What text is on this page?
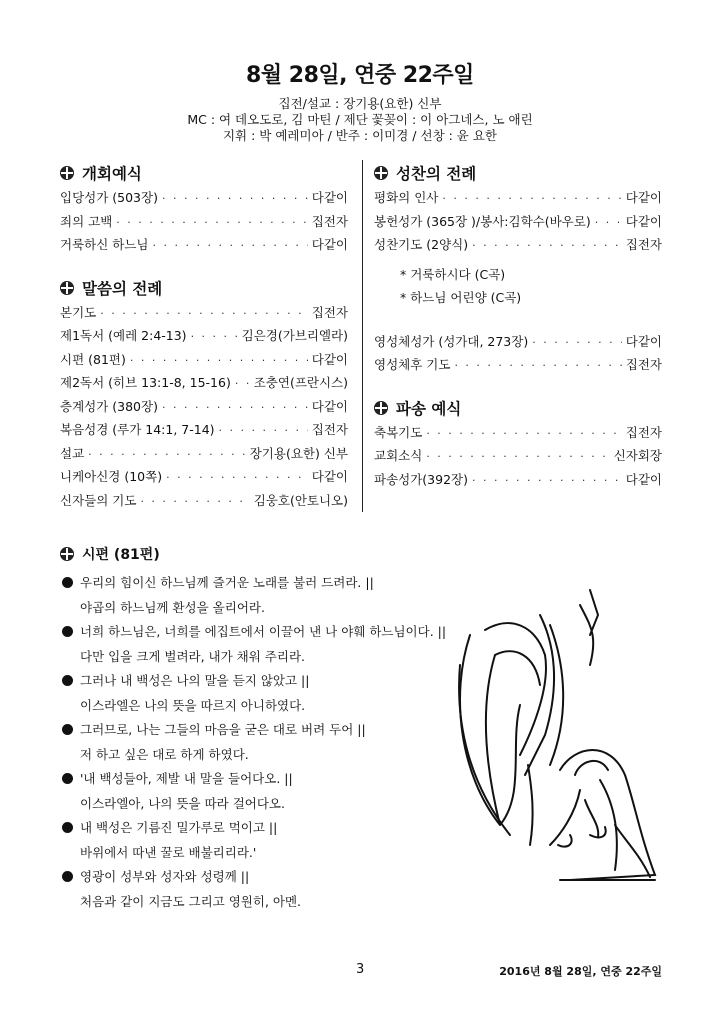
8월 28일, 연중 22주일
집전/설교 : 장기용(요한) 신부
MC : 여 데오도로, 김 마틴 / 제단 꽃꽂이 : 이 아그네스, 노 애린
지휘 : 박 예레미아 / 반주 : 이미경 / 선창 : 윤 요한
개회예식
입당성가 (503장) · · ·	다같이
죄의 고백 · · ·	집전자
거룩하신 하느님 · · ·	다같이
말씀의 전례
본기도 · · ·	집전자
제1독서 (예레 2:4-13) · · ·	김은경(가브리엘라)
시편 (81편) · · ·	다같이
제2독서 (히브 13:1-8, 15-16) · · · 조충연(프란시스)
층계성가 (380장) · · ·	다같이
복음성경 (루가 14:1, 7-14) · · ·	집전자
설교 · · ·	장기용(요한) 신부
니케아신경 (10쪽) · · ·	다같이
신자들의 기도 · · ·	김웅호(안토니오)
성찬의 전례
평화의 인사 · · ·	다같이
봉헌성가 (365장 )/봉사:김학수(바우로) · · ·	다같이
성찬기도 (2양식) · · ·	집전자
* 거룩하시다 (C곡)
* 하느님 어린양 (C곡)
영성체성가 (성가대, 273장) · · ·	다같이
영성체후 기도 · · ·	집전자
파송 예식
축복기도 · · ·	집전자
교회소식 · · ·	신자회장
파송성가(392장) · · ·	다같이
시편 (81편)
우리의 힘이신 하느님께 즐거운 노래를 불러 드려라. ||
야곱의 하느님께 환성을 올리어라.
너희 하느님은, 너희를 에집트에서 이끌어 낸 나 야훼 하느님이다. ||
다만 입을 크게 벌려라, 내가 채워 주리라.
그러나 내 백성은 나의 말을 듣지 않았고 ||
이스라엘은 나의 뜻을 따르지 아니하였다.
그러므로, 나는 그들의 마음을 굳은 대로 버려 두어 ||
저 하고 싶은 대로 하게 하였다.
'내 백성들아, 제발 내 말을 들어다오. ||
이스라엘아, 나의 뜻을 따라 걸어다오.
내 백성은 기름진 밀가루로 먹이고 ||
바위에서 따낸 꿀로 배불리리라.'
영광이 성부와 성자와 성령께 ||
처음과 같이 지금도 그리고 영원히, 아멘.
3	2016년 8월 28일, 연중 22주일
